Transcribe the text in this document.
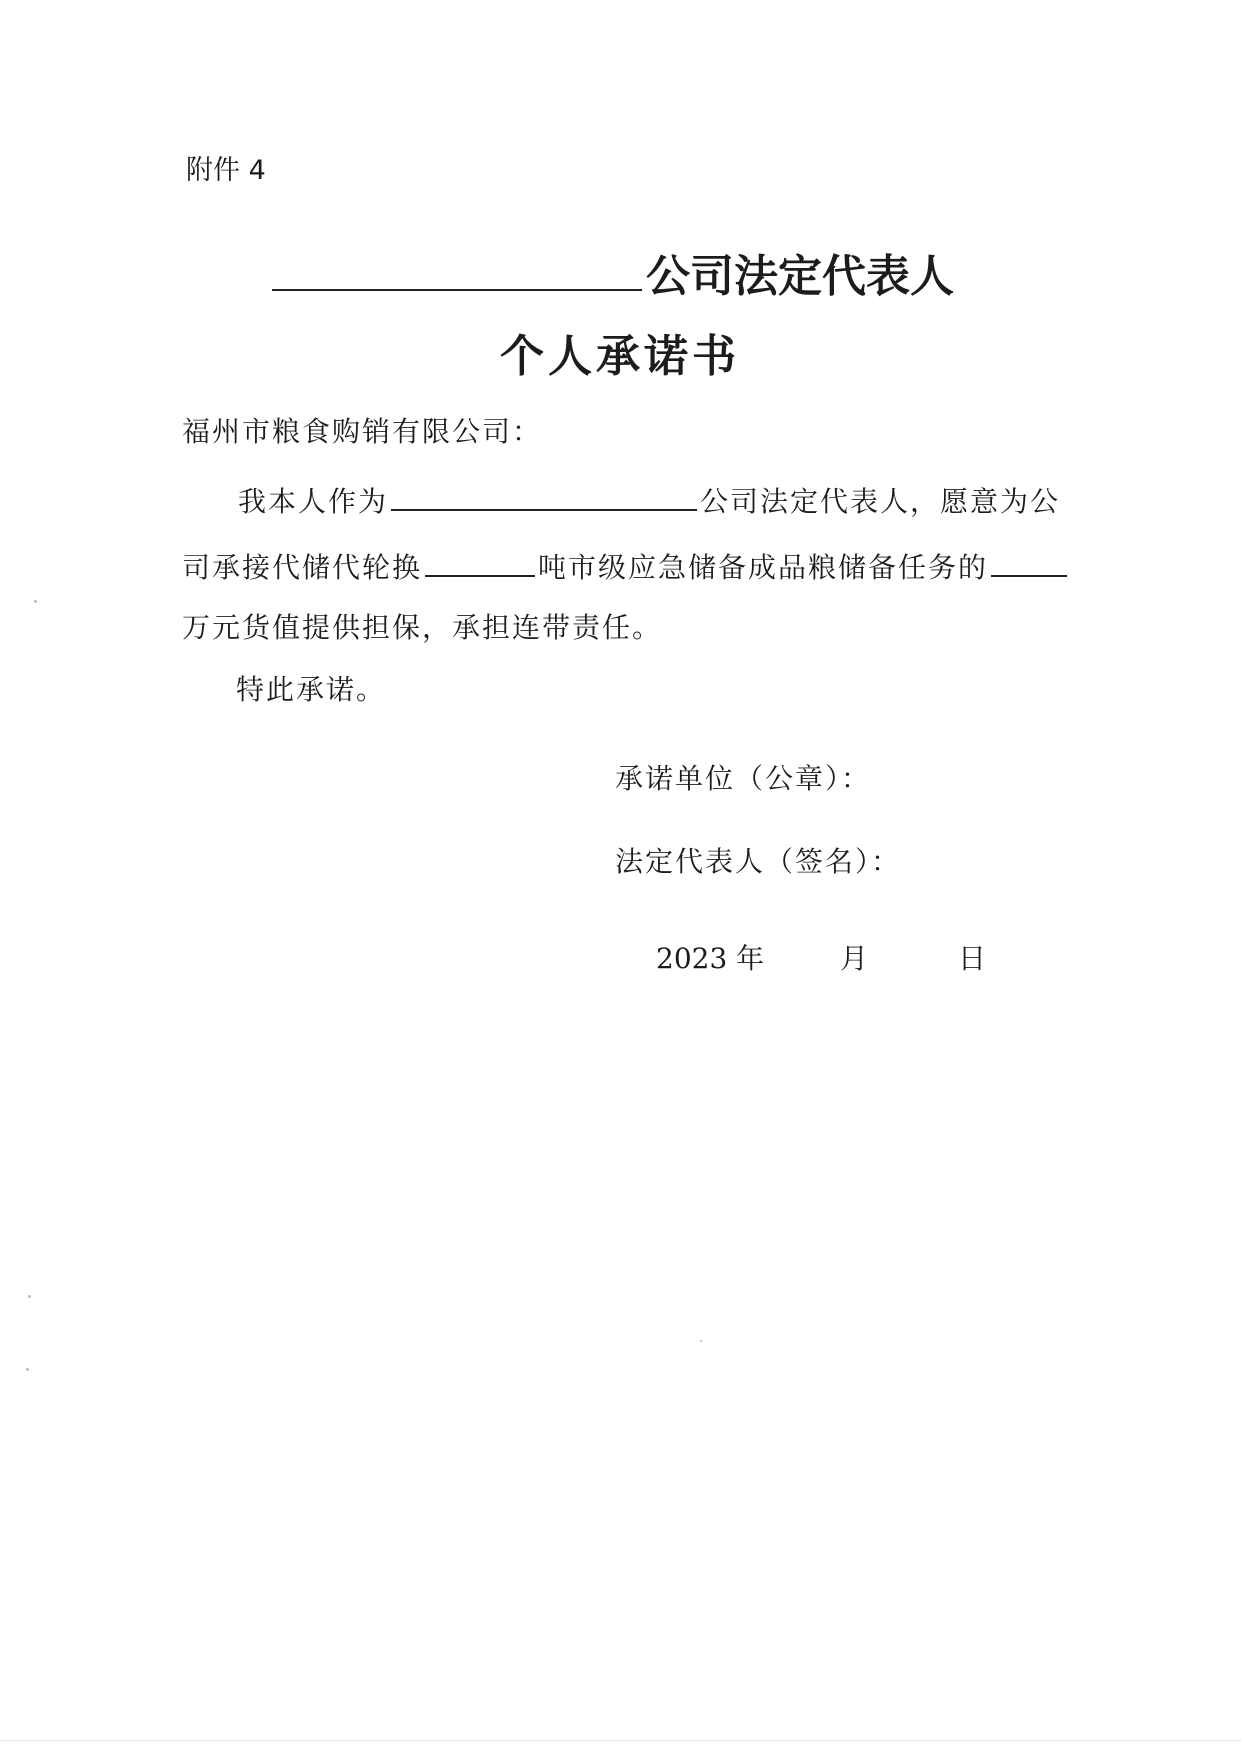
附件 4
公司法定代表人
个人承诺书
福州市粮食购销有限公司：
我本人作为	公司法定代表人，愿意为公
司承接代储代轮换	吨市级应急储备成品粮储备任务的
万元货值提供担保，承担连带责任。
特此承诺。
承诺单位（公章）：
法定代表人（签名）：
2023 年	月	日
